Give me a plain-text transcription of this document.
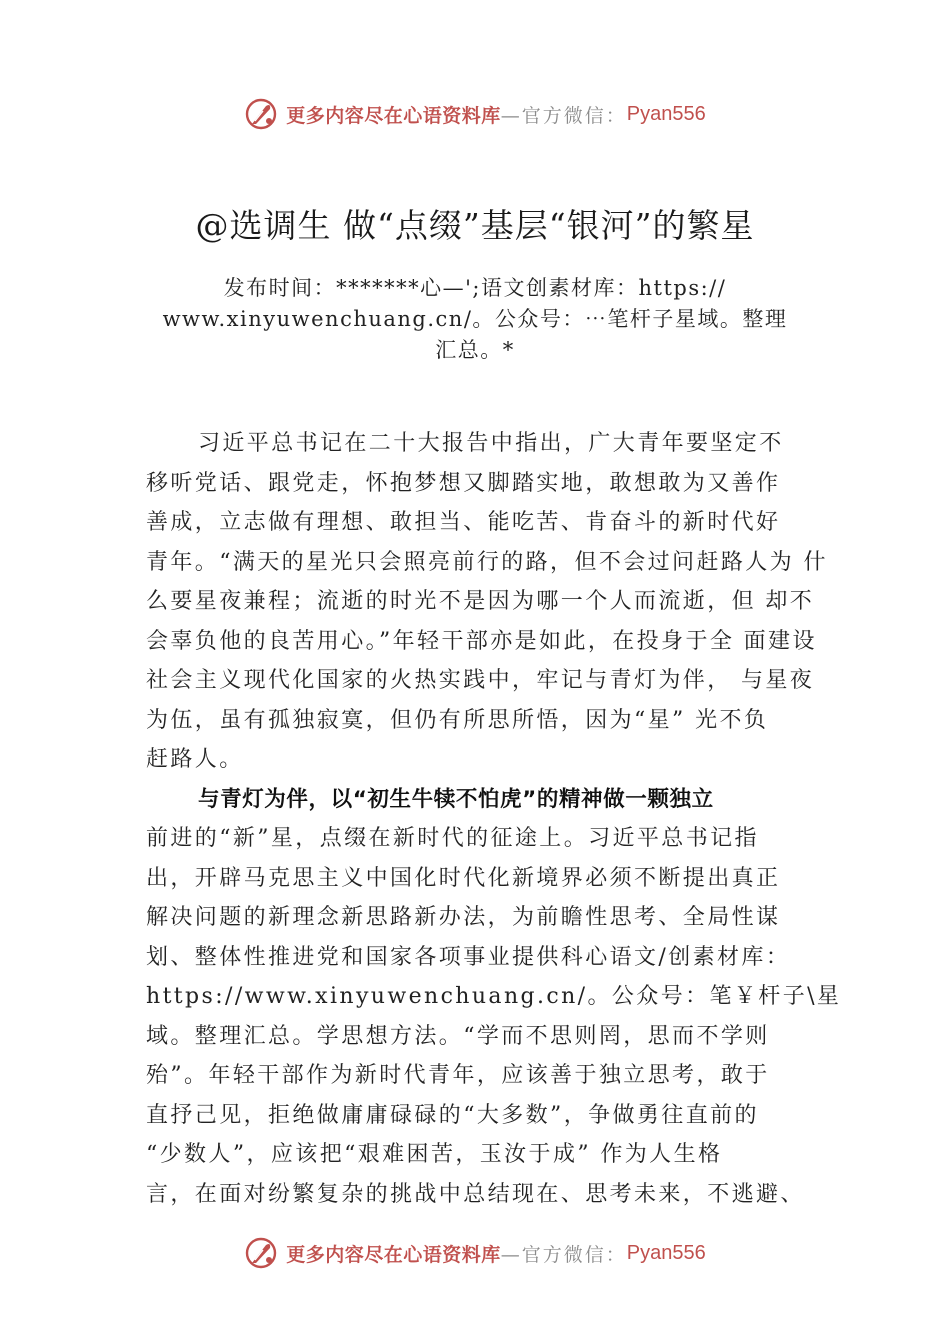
更多内容尽在心语资料库 —官方微信： Pyan556
@选调生 做“点缀”基层“银河”的繁星
发布时间：*******心—';语文创素材库：https://
www.xinyuwenchuang.cn/。公众号：⋯笔杆子星域。整理
汇总。*
习近平总书记在二十大报告中指出，广大青年要坚定不
移听党话、跟党走，怀抱梦想又脚踏实地，敢想敢为又善作
善成，立志做有理想、敢担当、能吃苦、肯奋斗的新时代好
青年。“满天的星光只会照亮前行的路，但不会过问赶路人为 什
么要星夜兼程；流逝的时光不是因为哪一个人而流逝，但 却不
会辜负他的良苦用心。”年轻干部亦是如此，在投身于全 面建设
社会主义现代化国家的火热实践中，牢记与青灯为伴， 与星夜
为伍，虽有孤独寂寞，但仍有所思所悟，因为“星” 光不负
赶路人。
与青灯为伴，以“初生牛犊不怕虎”的精神做一颗独立
前进的“新”星，点缀在新时代的征途上。习近平总书记指
出，开辟马克思主义中国化时代化新境界必须不断提出真正
解决问题的新理念新思路新办法，为前瞻性思考、全局性谋
划、整体性推进党和国家各项事业提供科心语文/创素材库：
https://www.xinyuwenchuang.cn/。公众号：笔￥杆子\星
域。整理汇总。学思想方法。“学而不思则罔，思而不学则
殆”。年轻干部作为新时代青年，应该善于独立思考，敢于
直抒己见，拒绝做庸庸碌碌的“大多数”，争做勇往直前的
“少数人”，应该把“艰难困苦，玉汝于成” 作为人生格
言，在面对纷繁复杂的挑战中总结现在、思考未来，不逃避、
更多内容尽在心语资料库 —官方微信： Pyan556
